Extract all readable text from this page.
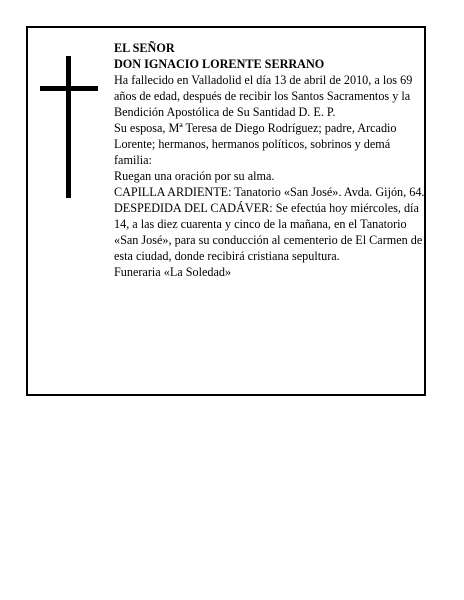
EL SEÑOR

DON IGNACIO LORENTE SERRANO

Ha fallecido en Valladolid el día 13 de abril de 2010, a los 69 años de edad, después de recibir los Santos Sacramentos y la Bendición Apostólica de Su Santidad D. E. P.

Su esposa, Mª Teresa de Diego Rodríguez; padre, Arcadio Lorente; hermanos, hermanos políticos, sobrinos y demá familia:

Ruegan una oración por su alma.

CAPILLA ARDIENTE: Tanatorio «San José». Avda. Gijón, 64.

DESPEDIDA DEL CADÁVER: Se efectúa hoy miércoles, día 14, a las diez cuarenta y cinco de la mañana, en el Tanatorio «San José», para su conducción al cementerio de El Carmen de esta ciudad, donde recibirá cristiana sepultura.

Funeraria «La Soledad»
